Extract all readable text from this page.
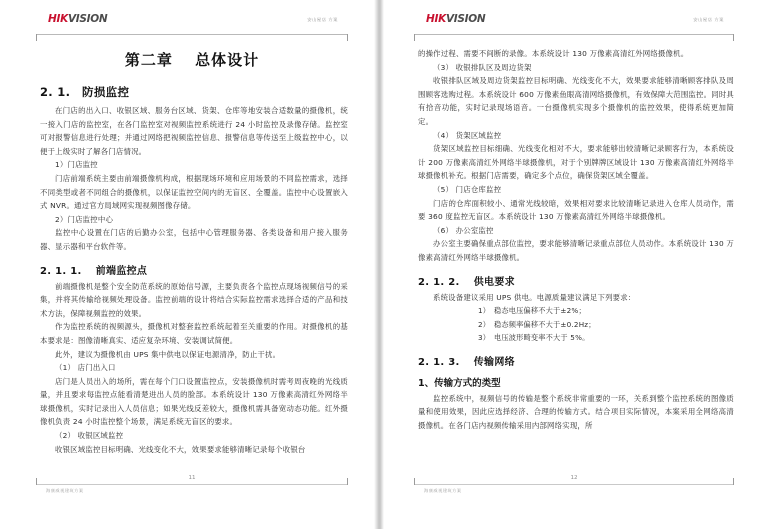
HIKVISION	安山屋店 方案
第二章　 总体设计
2. 1.　防损监控

在门店的出入口、收银区域、服务台区域、货架、仓库等地安装合适数量的摄像机，统一接入门店的监控室，在各门监控室对视频监控系统进行 24 小时监控及录像存储。监控室可对报警信息进行处理；并通过网络把视频监控信息、报警信息等传送至上级监控中心，以便于上级实时了解各门店情况。

1）门店监控

门店前端系统主要由前端摄像机构成，根据现场环境和应用场景的不同监控需求，选择不同类型或者不同组合的摄像机，以保证监控空间内的无盲区、全覆盖。监控中心设置嵌入式 NVR。通过官方局域网实现视频图像存储。

2）门店监控中心

监控中心设置在门店的后勤办公室，包括中心管理服务器、各类设备和用户接入服务器、显示器和平台软件等。

2. 1. 1.　 前端监控点

前端摄像机是整个安全防范系统的原始信号源，主要负责各个监控点现场视频信号的采集，并将其传输给视频处理设备。监控前端的设计将结合实际监控需求选择合适的产品和技术方法，保障视频监控的效果。

作为监控系统的视频源头，摄像机对整套监控系统起着至关重要的作用。对摄像机的基本要求是：图像清晰真实、适应复杂环境、安装调试简便。

此外，建议为摄像机由 UPS 集中供电以保证电源清净，防止干扰。

（1） 店门出入口

店门是人员出入的场所，需在每个门口设置监控点，安装摄像机时需考周夜晚的光线质量，并且要求每监控点能看清楚进出人员的脸部。本系统设计 130 万像素高清红外网络半球摄像机，实时记录出入人员信息；如果光线反差较大，摄像机需具备宽动态功能。红外摄像机负责 24 小时监控整个场景，满足系统无盲区的要求。

（2） 收银区域监控

收银区域监控目标明确、光线变化不大，效果要求能够清晰记录每个收银台

11
海康威视建筑方案
HIKVISION	安山屋店 方案

的操作过程、需要不间断的录像。本系统设计 130 万像素高清红外网络摄像机。

（3） 收银排队区及周边货架

收银排队区域及周边货架监控目标明确、光线变化不大，效果要求能够清晰顾客排队及周围顾客选购过程。本系统设计 600 万像素鱼眼高清网络摄像机，有效保障大范围监控。同时具有拾音功能，实时记录现场语音。一台摄像机实现多个摄像机的监控效果，使得系统更加简定。

（4） 货架区域监控

货架区域监控目标细确、光线变化相对不大，要求能够出较清晰记录顾客行为，本系统设计 200 万像素高清红外网络半球摄像机，对于个别牌牌区域设计 130 万像素高清红外网络半球摄像机补充。根据门店需要，确定多个点位，确保货架区域全覆盖。

（5） 门店仓库监控

门店的仓库面积较小、通常光线较暗，效果相对要求比较清晰记录进入仓库人员动作，需要 360 度监控无盲区。本系统设计 130 万像素高清红外网络半球摄像机。

（6） 办公室监控

办公室主要确保重点部位监控，要求能够清晰记录重点部位人员动作。本系统设计 130 万像素高清红外网络半球摄像机。

2. 1. 2.　 供电要求

系统设备建议采用 UPS 供电。电源质量建议满足下列要求：

1）　稳态电压偏移不大于±2%；

2）　稳态频率偏移不大于±0.2Hz；

3）　电压波形畸变率不大于 5%。

2. 1. 3.　 传输网络
1、传输方式的类型

监控系统中，视频信号的传输是整个系统非常重要的一环，关系到整个监控系统的图像质量和使用效果，因此应选择经济、合理的传输方式。结合项目实际情况，本案采用全网络高清摄像机。在各门店内视频传输采用内部网络实现，所

12
海康威视建筑方案
